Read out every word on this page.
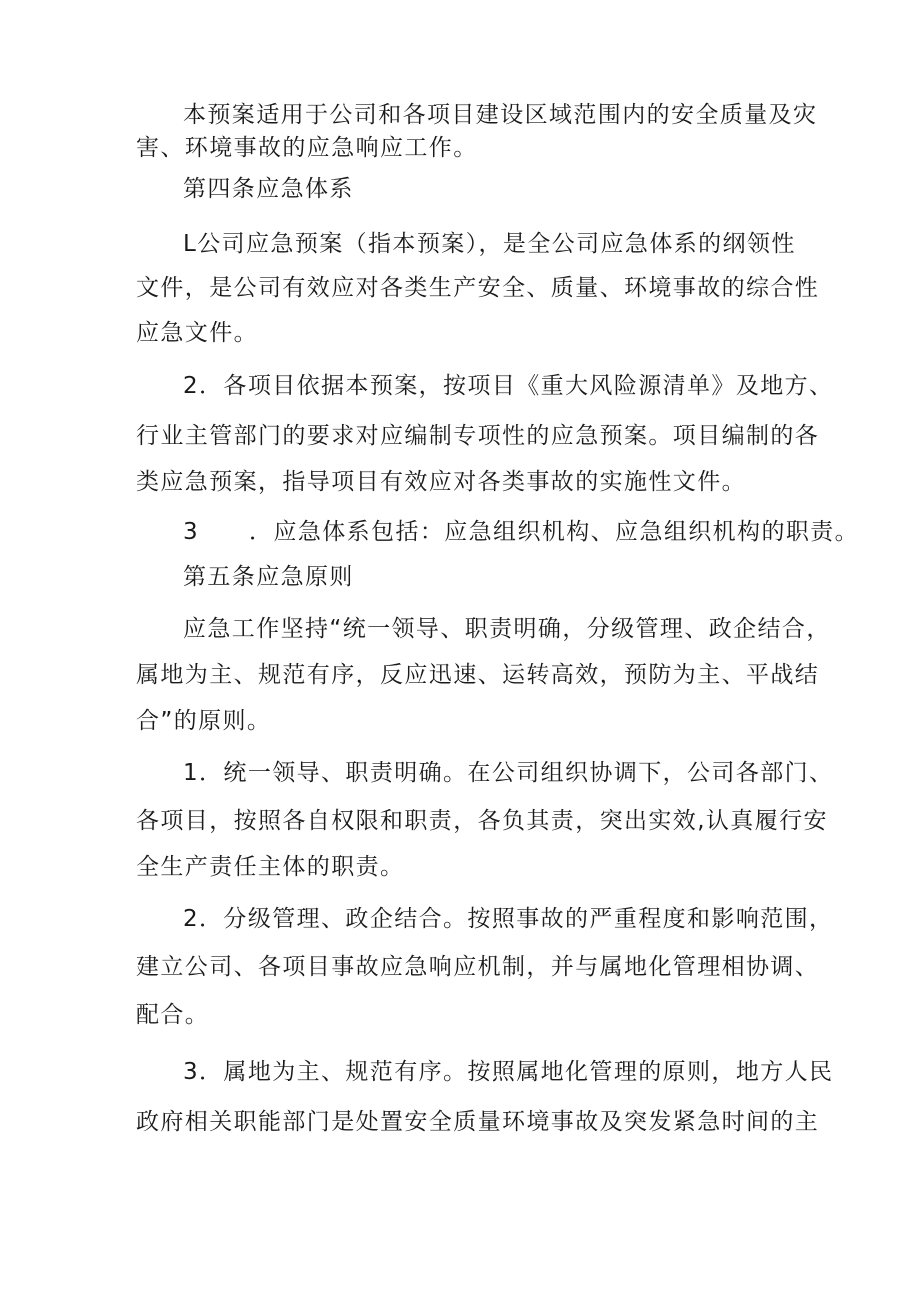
本预案适用于公司和各项目建设区域范围内的安全质量及灾
害、环境事故的应急响应工作。
第四条应急体系
L公司应急预案（指本预案），是全公司应急体系的纲领性
文件，是公司有效应对各类生产安全、质量、环境事故的综合性
应急文件。
2．各项目依据本预案，按项目《重大风险源清单》及地方、
行业主管部门的要求对应编制专项性的应急预案。项目编制的各
类应急预案，指导项目有效应对各类事故的实施性文件。
3 ．应急体系包括：应急组织机构、应急组织机构的职责。
第五条应急原则
应急工作坚持“统一领导、职责明确，分级管理、政企结合，
属地为主、规范有序，反应迅速、运转高效，预防为主、平战结
合”的原则。
1．统一领导、职责明确。在公司组织协调下，公司各部门、
各项目，按照各自权限和职责，各负其责，突出实效,认真履行安
全生产责任主体的职责。
2．分级管理、政企结合。按照事故的严重程度和影响范围，
建立公司、各项目事故应急响应机制，并与属地化管理相协调、
配合。
3．属地为主、规范有序。按照属地化管理的原则，地方人民
政府相关职能部门是处置安全质量环境事故及突发紧急时间的主
